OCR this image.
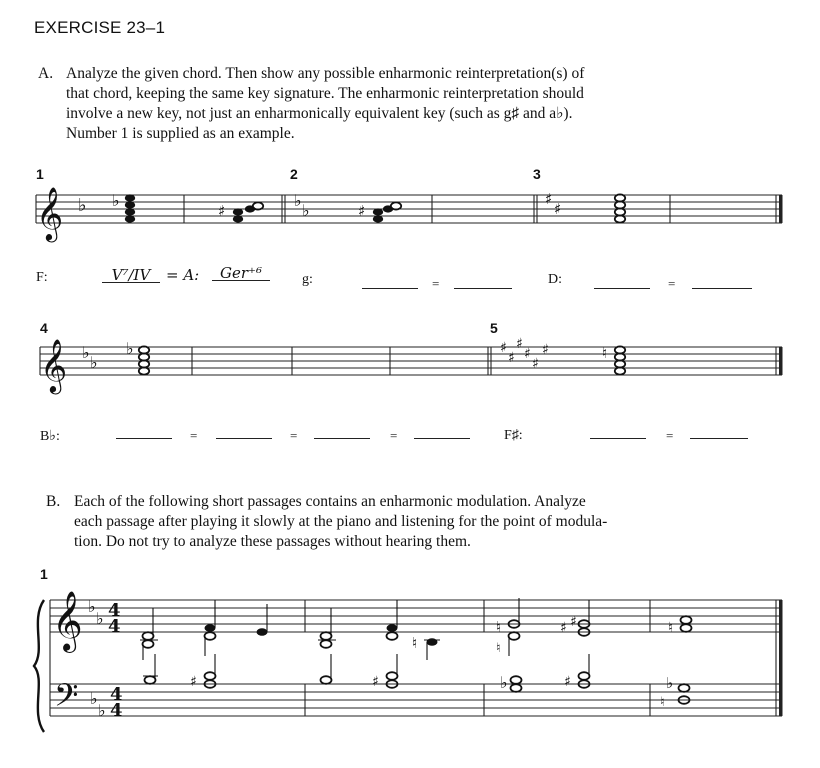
EXERCISE 23–1
A. Analyze the given chord. Then show any possible enharmonic reinterpretation(s) of
that chord, keeping the same key signature. The enharmonic reinterpretation should
involve a new key, not just an enharmonically equivalent key (such as g♯ and a♭).
Number 1 is supplied as an example.
1	2	3
𝄞 ♭ ♭
♯
♭
♭	♯
♯
♯
F:	V⁷/IV	= A:	Ger⁺⁶	g:	=	D:	=
4	5
𝄞 ♭
♭
♭	♯
♯
♯
♯
♯
♯	♮
B♭:	=	=	=	F♯:	=
B. Each of the following short passages contains an enharmonic modulation. Analyze
each passage after playing it slowly at the piano and listening for the point of modula-
tion. Do not try to analyze these passages without hearing them.
1
𝄞
𝄢
♭
♭
♭
♭
4
4
4
4
♮
♮
♮
♯ ♯	♮
♯	♯	♭	♯	♭
♮
